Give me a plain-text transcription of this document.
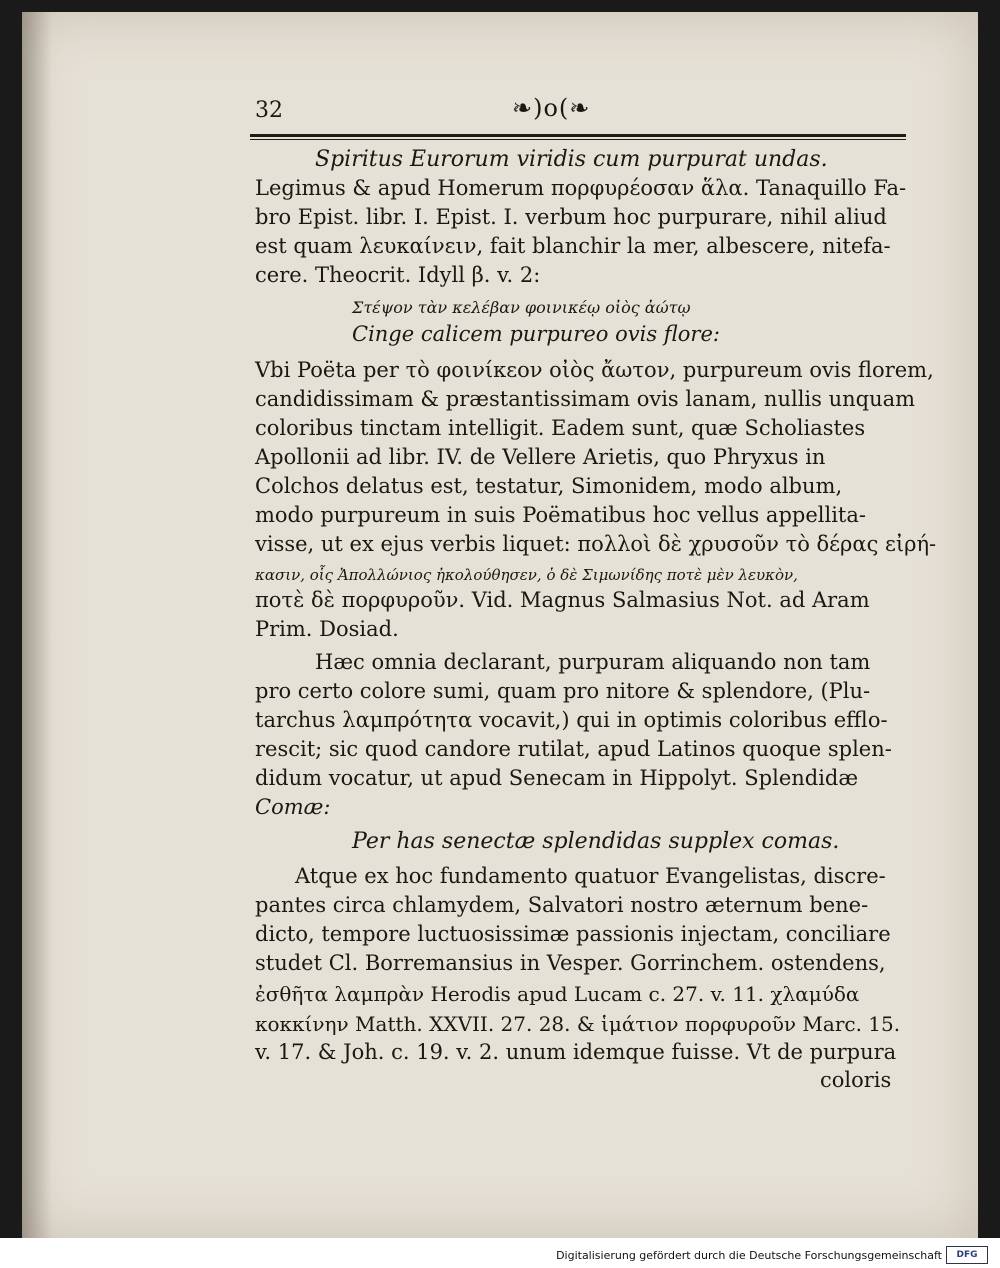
32	❧)o(❧
Spiritus Eurorum viridis cum purpurat undas.
Legimus & apud Homerum πορφυρέοσαν ἅλα. Tanaquillo Fa-
bro Epist. libr. I. Epist. I. verbum hoc purpurare, nihil aliud
est quam λευκαίνειν, fait blanchir la mer, albescere, nitefa-
cere. Theocrit. Idyll β. v. 2:
Στέψον τὰν κελέβαν φοινικέῳ οἰὸς ἀώτῳ
Cinge calicem purpureo ovis flore:
Vbi Poëta per τὸ φοινίκεον οἰὸς ἄωτον, purpureum ovis florem,
candidissimam & præstantissimam ovis lanam, nullis unquam
coloribus tinctam intelligit. Eadem sunt, quæ Scholiastes
Apollonii ad libr. IV. de Vellere Arietis, quo Phryxus in
Colchos delatus est, testatur, Simonidem, modo album,
modo purpureum in suis Poëmatibus hoc vellus appellita-
visse, ut ex ejus verbis liquet: πολλοὶ δὲ χρυσοῦν τὸ δέρας εἰρή-
κασιν, οἷς Ἀπολλώνιος ἠκολούθησεν, ὁ δὲ Σιμωνίδης ποτὲ μὲν λευκὸν,
ποτὲ δὲ πορφυροῦν. Vid. Magnus Salmasius Not. ad Aram
Prim. Dosiad.
Hæc omnia declarant, purpuram aliquando non tam
pro certo colore sumi, quam pro nitore & splendore, (Plu-
tarchus λαμπρότητα vocavit,) qui in optimis coloribus efflo-
rescit; sic quod candore rutilat, apud Latinos quoque splen-
didum vocatur, ut apud Senecam in Hippolyt. Splendidæ
Comæ:
Per has senectæ splendidas supplex comas.
Atque ex hoc fundamento quatuor Evangelistas, discre-
pantes circa chlamydem, Salvatori nostro æternum bene-
dicto, tempore luctuosissimæ passionis injectam, conciliare
studet Cl. Borremansius in Vesper. Gorrinchem. ostendens,
ἐσθῆτα λαμπρὰν Herodis apud Lucam c. 27. v. 11. χλαμύδα
κοκκίνην Matth. XXVII. 27. 28. & ἱμάτιον πορφυροῦν Marc. 15.
v. 17. & Joh. c. 19. v. 2. unum idemque fuisse. Vt de purpura
coloris
Digitalisierung gefördert durch die Deutsche Forschungsgemeinschaft	DFG
